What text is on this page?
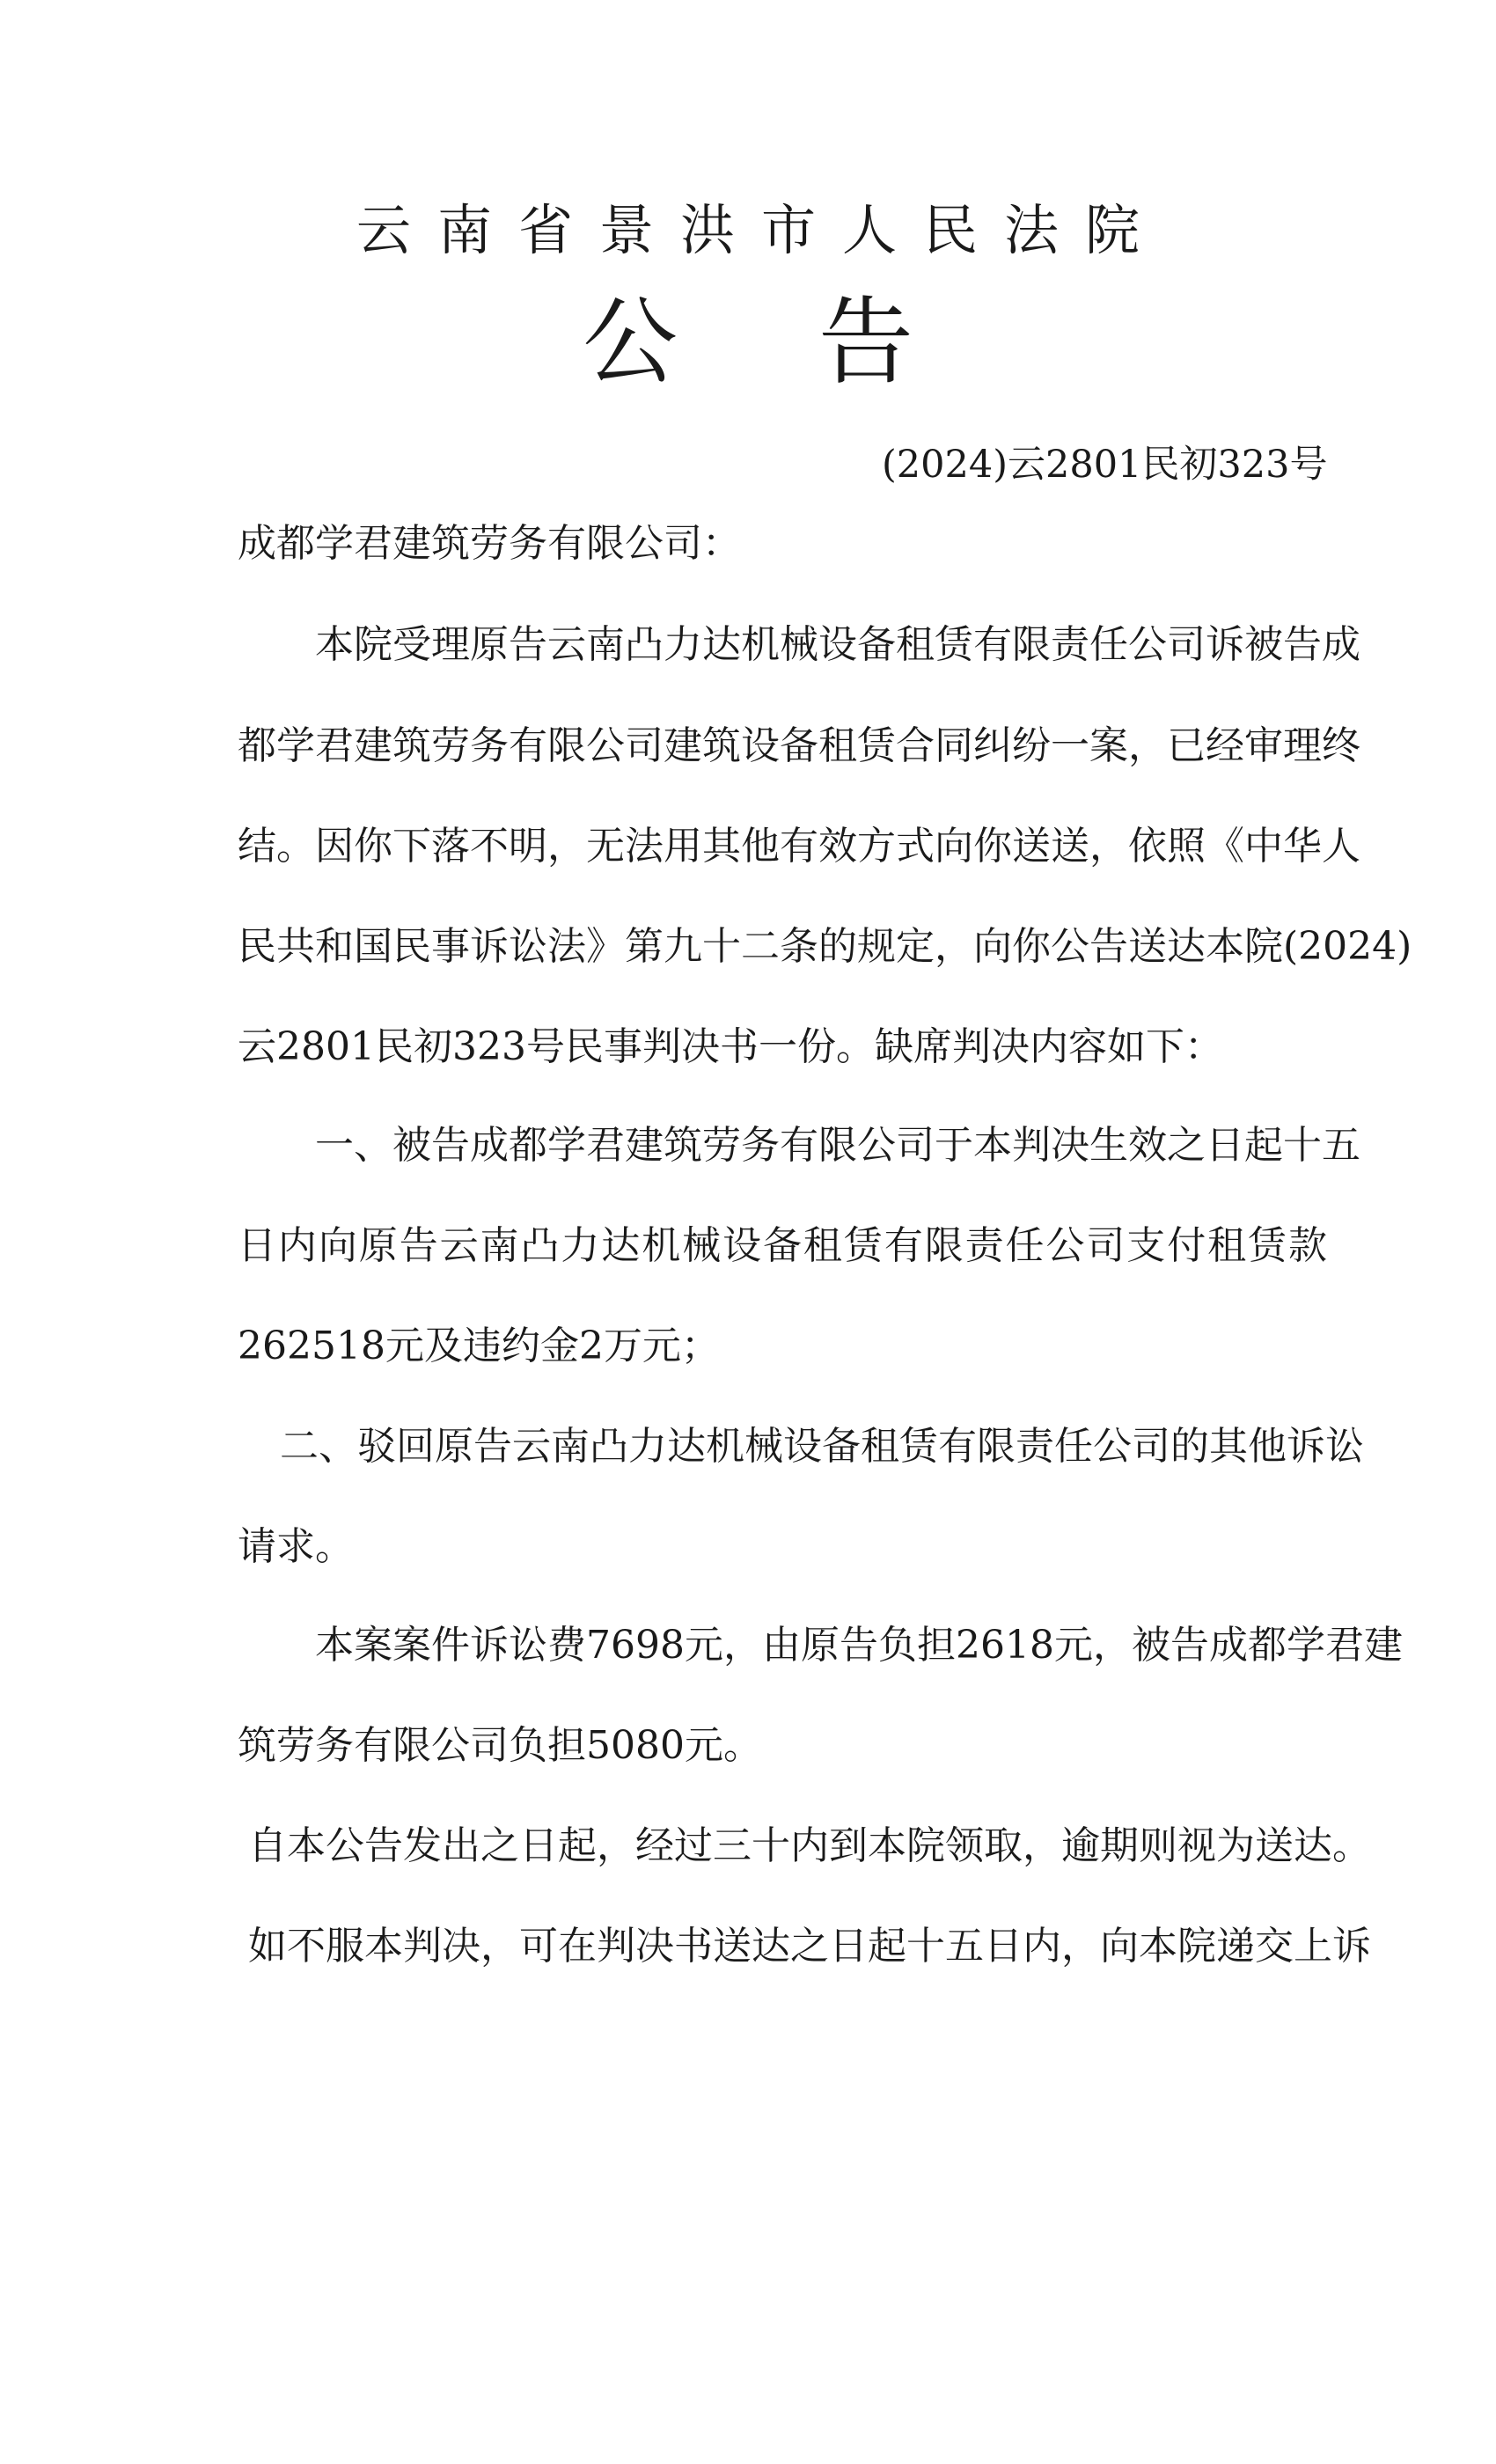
云南省景洪市人民法院
公告
(2024)云2801民初323号
成都学君建筑劳务有限公司：
本院受理原告云南凸力达机械设备租赁有限责任公司诉被告成
都学君建筑劳务有限公司建筑设备租赁合同纠纷一案，已经审理终
结。因你下落不明，无法用其他有效方式向你送送，依照《中华人
民共和国民事诉讼法》第九十二条的规定，向你公告送达本院(2024)
云2801民初323号民事判决书一份。缺席判决内容如下：
一、被告成都学君建筑劳务有限公司于本判决生效之日起十五
日内向原告云南凸力达机械设备租赁有限责任公司支付租赁款
262518元及违约金2万元；
二、驳回原告云南凸力达机械设备租赁有限责任公司的其他诉讼
请求。
本案案件诉讼费7698元，由原告负担2618元，被告成都学君建
筑劳务有限公司负担5080元。
自本公告发出之日起，经过三十内到本院领取，逾期则视为送达。
如不服本判决，可在判决书送达之日起十五日内，向本院递交上诉
